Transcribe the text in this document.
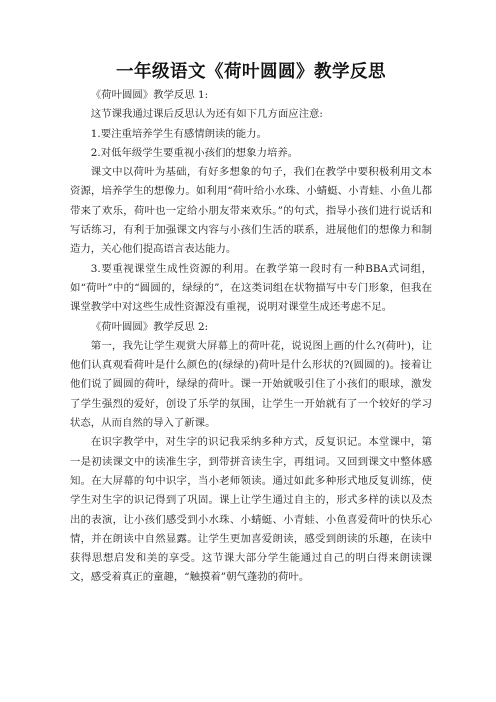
一年级语文《荷叶圆圆》教学反思

《荷叶圆圆》教学反思 1:

这节课我通过课后反思认为还有如下几方面应注意:

1.要注重培养学生有感情朗读的能力。

2.对低年级学生要重视小孩们的想象力培养。

课文中以荷叶为基础，有好多想象的句子，我们在教学中要积极利用文本资源，培养学生的想像力。如利用“荷叶给小水珠、小蜻蜓、小青蛙、小鱼儿都带来了欢乐，荷叶也一定给小朋友带来欢乐。”的句式，指导小孩们进行说话和写话练习，有利于加强课文内容与小孩们生活的联系，进展他们的想像力和制造力，关心他们提高语言表达能力。

3.要重视课堂生成性资源的利用。在教学第一段时有一种BBA式词组，如“荷叶”中的“圆圆的，绿绿的”，在这类词组在状物描写中专门形象，但我在课堂教学中对这些生成性资源没有重视，说明对课堂生成还考虑不足。

《荷叶圆圆》教学反思 2:

第一，我先让学生观赏大屏幕上的荷叶花，说说图上画的什么?(荷叶)，让他们认真观看荷叶是什么颜色的(绿绿的)荷叶是什么形状的?(圆圆的)。接着让他们说了圆圆的荷叶，绿绿的荷叶。课一开始就吸引住了小孩们的眼球，激发了学生强烈的爱好，创设了乐学的氛围，让学生一开始就有了一个较好的学习状态，从而自然的导入了新课。

在识字教学中，对生字的识记我采纳多种方式，反复识记。本堂课中，第一是初读课文中的读准生字，到带拼音读生字，再组词。又回到课文中整体感知。在大屏幕的句中识字，当小老师领读。通过如此多种形式地反复训练，使学生对生字的识记得到了巩固。课上让学生通过自主的，形式多样的读以及杰出的表演，让小孩们感受到小水珠、小蜻蜓、小青蛙、小鱼喜爱荷叶的快乐心情，并在朗读中自然显露。让学生更加喜爱朗读，感受到朗读的乐趣，在读中获得思想启发和美的享受。这节课大部分学生能通过自己的明白得来朗读课文，感受着真正的童趣，“触摸着”朝气蓬勃的荷叶。
